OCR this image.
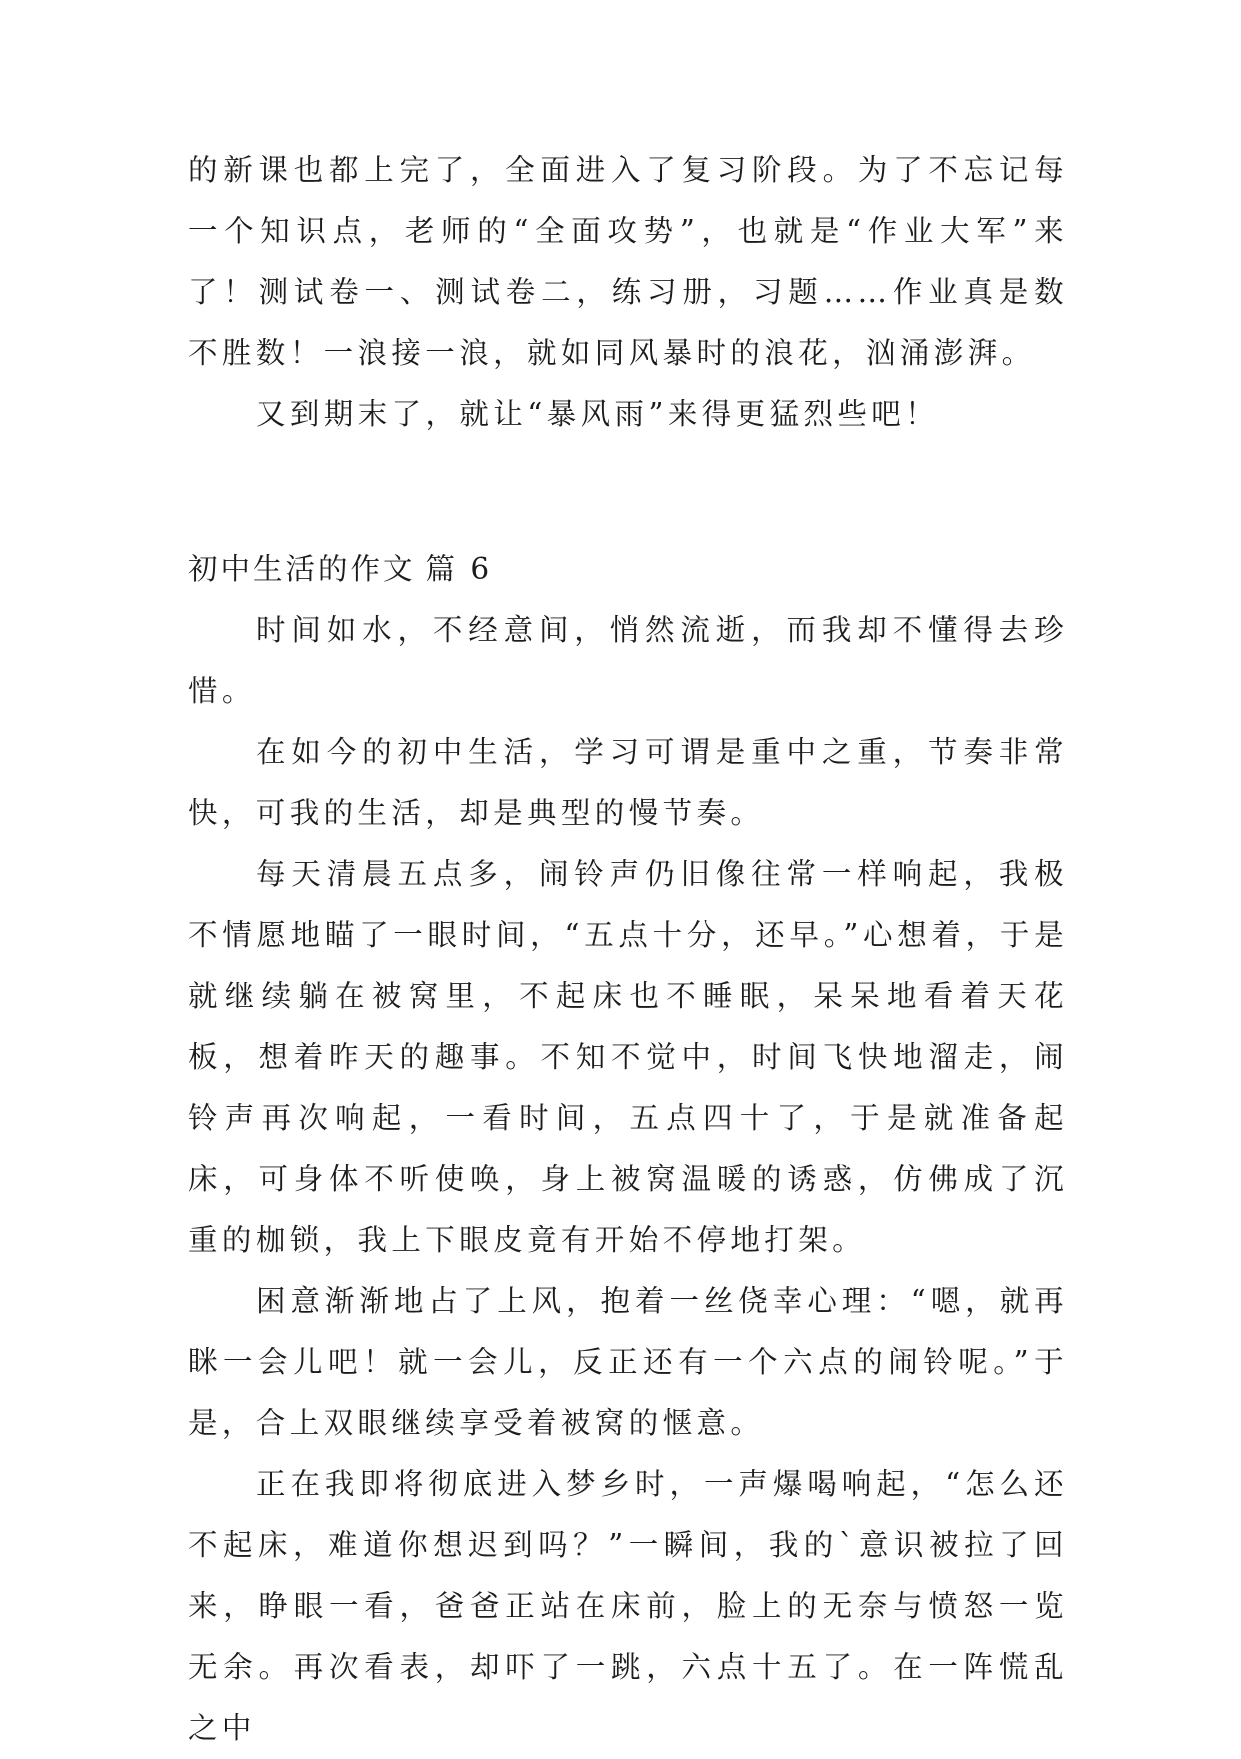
的新课也都上完了，全面进入了复习阶段。为了不忘记每一个知识点，老师的“全面攻势”，也就是“作业大军”来了！测试卷一、测试卷二，练习册，习题……作业真是数不胜数！一浪接一浪，就如同风暴时的浪花，汹涌澎湃。

又到期末了，就让“暴风雨”来得更猛烈些吧！

初中生活的作文 篇 6

时间如水，不经意间，悄然流逝，而我却不懂得去珍惜。

在如今的初中生活，学习可谓是重中之重，节奏非常快，可我的生活，却是典型的慢节奏。

每天清晨五点多，闹铃声仍旧像往常一样响起，我极不情愿地瞄了一眼时间，“五点十分，还早。”心想着，于是就继续躺在被窝里，不起床也不睡眠，呆呆地看着天花板，想着昨天的趣事。不知不觉中，时间飞快地溜走，闹铃声再次响起，一看时间，五点四十了，于是就准备起床，可身体不听使唤，身上被窝温暖的诱惑，仿佛成了沉重的枷锁，我上下眼皮竟有开始不停地打架。

困意渐渐地占了上风，抱着一丝侥幸心理：“嗯，就再眯一会儿吧！就一会儿，反正还有一个六点的闹铃呢。”于是，合上双眼继续享受着被窝的惬意。

正在我即将彻底进入梦乡时，一声爆喝响起，“怎么还不起床，难道你想迟到吗？”一瞬间，我的`意识被拉了回来，睁眼一看，爸爸正站在床前，脸上的无奈与愤怒一览无余。再次看表，却吓了一跳，六点十五了。在一阵慌乱之中
